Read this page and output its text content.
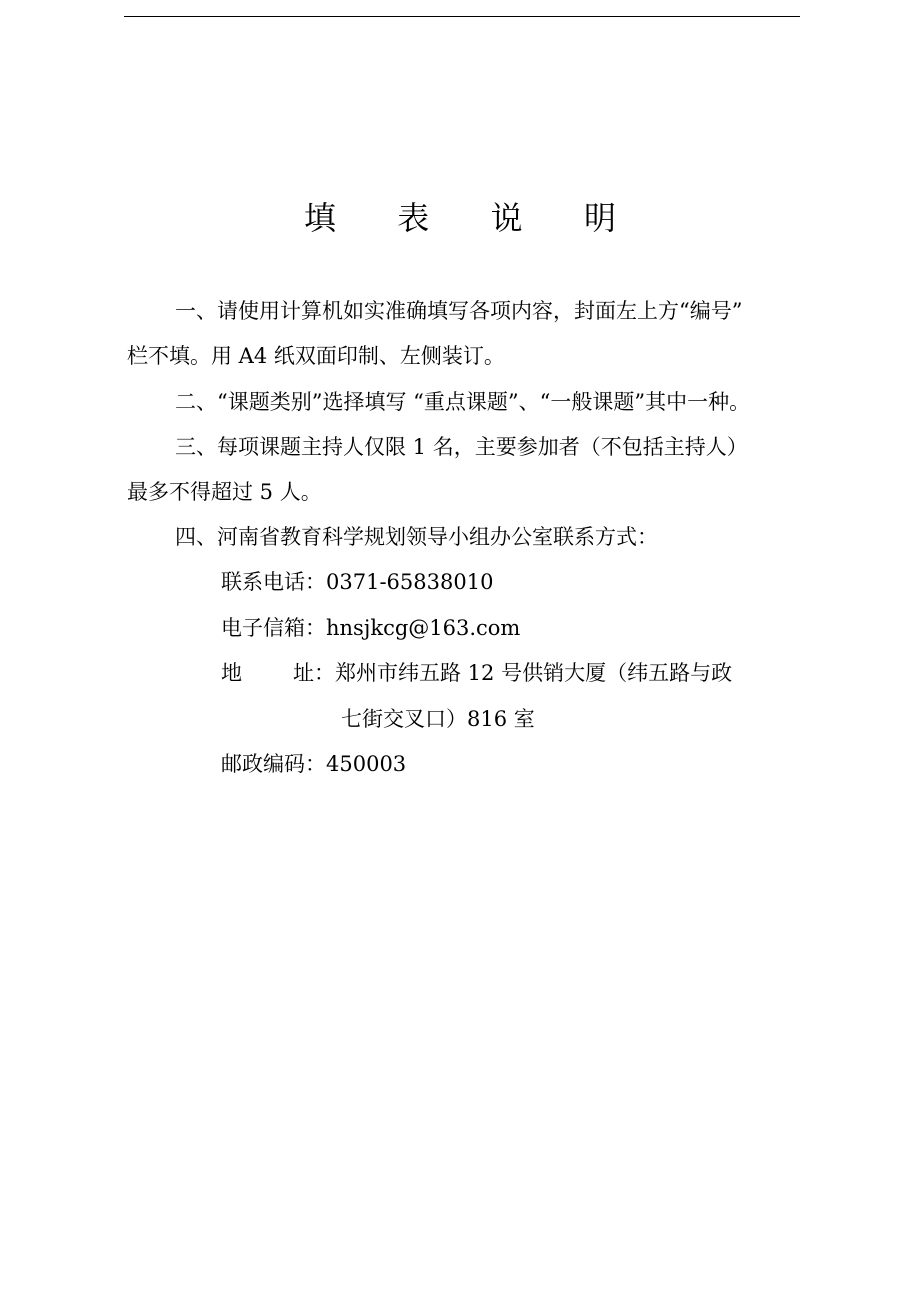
填 表 说 明
一、请使用计算机如实准确填写各项内容，封面左上方“编号”
栏不填。用 A4 纸双面印制、左侧装订。
二、“课题类别”选择填写 “重点课题”、“一般课题”其中一种。
三、每项课题主持人仅限 1 名，主要参加者（不包括主持人）
最多不得超过 5 人。
四、河南省教育科学规划领导小组办公室联系方式：
联系电话：0371-65838010
电子信箱：hnsjkcg@163.com
地 址：郑州市纬五路 12 号供销大厦（纬五路与政
七街交叉口）816 室
邮政编码：450003
